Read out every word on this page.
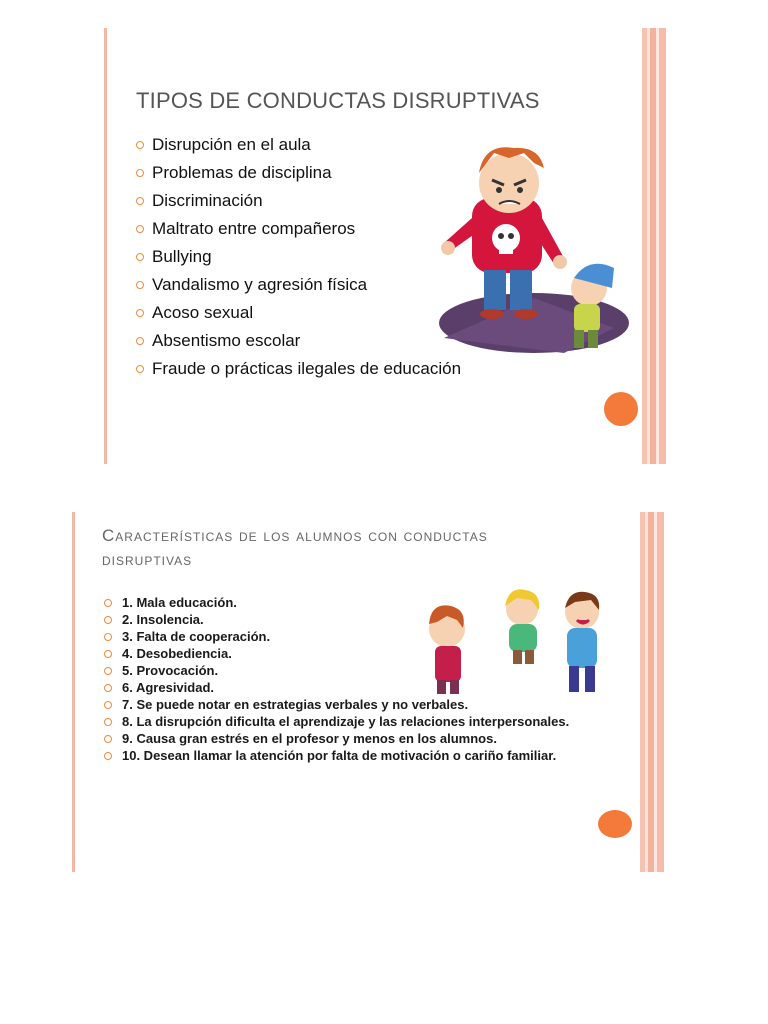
TIPOS DE CONDUCTAS DISRUPTIVAS
Disrupción en el aula
Problemas de disciplina
Discriminación
Maltrato entre compañeros
Bullying
Vandalismo y agresión física
Acoso sexual
Absentismo escolar
Fraude o prácticas ilegales de educación
Características de los alumnos con conductas disruptivas
1. Mala educación.
2. Insolencia.
3. Falta de cooperación.
4. Desobediencia.
5. Provocación.
6. Agresividad.
7. Se puede notar en estrategias verbales y no verbales.
8. La disrupción dificulta el aprendizaje y las relaciones interpersonales.
9. Causa gran estrés en el profesor y menos en los alumnos.
10. Desean llamar la atención por falta de motivación o cariño familiar.
